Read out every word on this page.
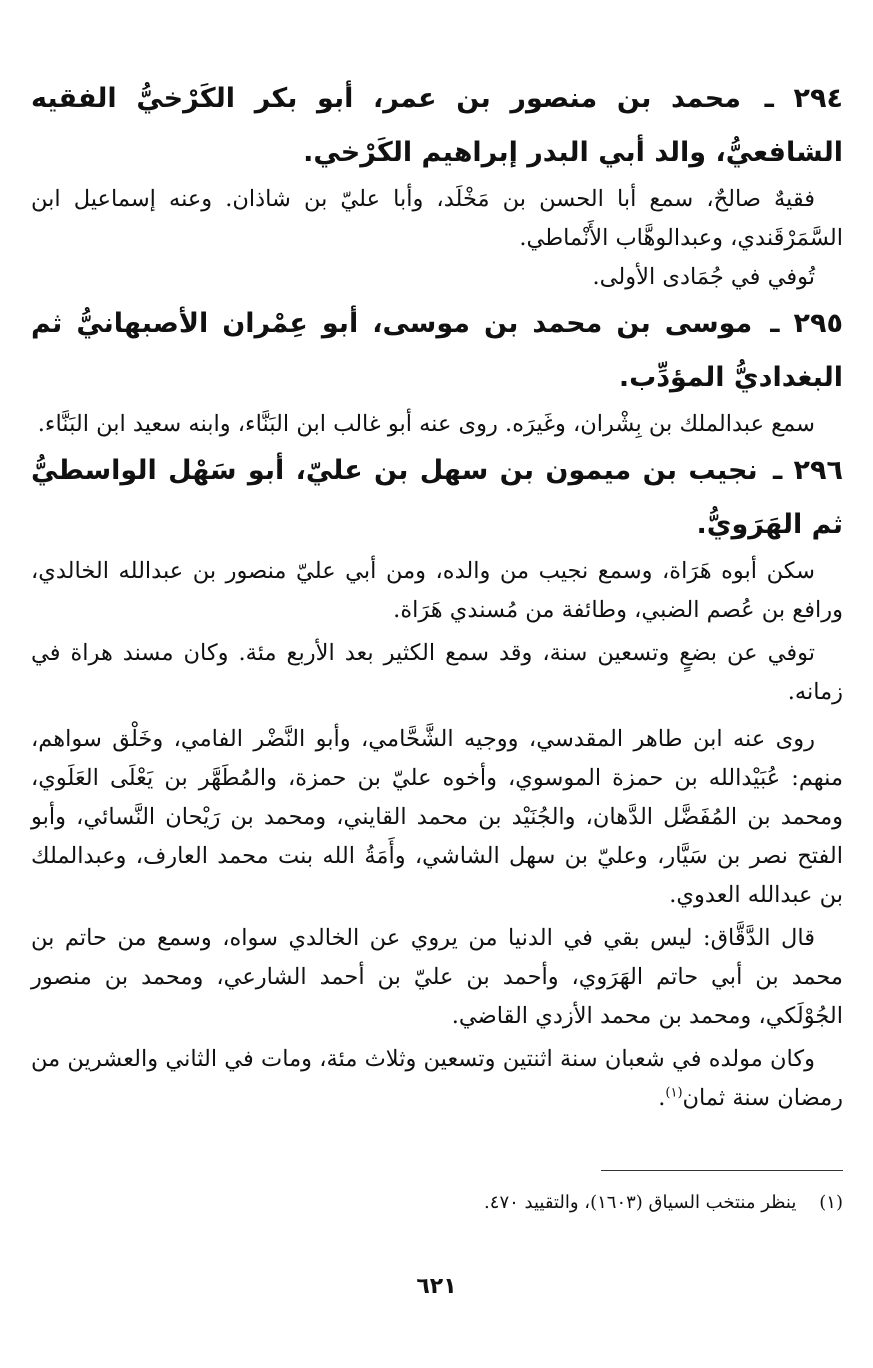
٢٩٤ ـ محمد بن منصور بن عمر، أبو بكر الكَرْخيُّ الفقيه الشافعيُّ، والد أبي البدر إبراهيم الكَرْخي.

فقيهٌ صالحٌ، سمع أبا الحسن بن مَخْلَد، وأبا عليّ بن شاذان. وعنه إسماعيل ابن السَّمَرْقَندي، وعبدالوهَّاب الأَنْماطي.

تُوفي في جُمَادى الأولى.

٢٩٥ ـ موسى بن محمد بن موسى، أبو عِمْران الأصبهانيُّ ثم البغداديُّ المؤدِّب.

سمع عبدالملك بن بِشْران، وغَيرَه. روى عنه أبو غالب ابن البَنَّاء، وابنه سعيد ابن البَنَّاء.

٢٩٦ ـ نجيب بن ميمون بن سهل بن عليّ، أبو سَهْل الواسطيُّ ثم الهَرَويُّ.

سكن أبوه هَرَاة، وسمع نجيب من والده، ومن أبي عليّ منصور بن عبدالله الخالدي، ورافع بن عُصم الضبي، وطائفة من مُسندي هَرَاة.

توفي عن بضعٍ وتسعين سنة، وقد سمع الكثير بعد الأربع مئة. وكان مسند هراة في زمانه.

روى عنه ابن طاهر المقدسي، ووجيه الشَّحَّامي، وأبو النَّضْر الفامي، وخَلْق سواهم، منهم: عُبَيْدالله بن حمزة الموسوي، وأخوه عليّ بن حمزة، والمُطَهَّر بن يَعْلَى العَلَوي، ومحمد بن المُفَضَّل الدَّهان، والجُنَيْد بن محمد القايني، ومحمد بن رَيْحان النَّسائي، وأبو الفتح نصر بن سَيَّار، وعليّ بن سهل الشاشي، وأَمَةُ الله بنت محمد العارف، وعبدالملك بن عبدالله العدوي.

قال الدَّقَّاق: ليس بقي في الدنيا من يروي عن الخالدي سواه، وسمع من حاتم بن محمد بن أبي حاتم الهَرَوي، وأحمد بن عليّ بن أحمد الشارعي، ومحمد بن منصور الجُوْلَكي، ومحمد بن محمد الأزدي القاضي.

وكان مولده في شعبان سنة اثنتين وتسعين وثلاث مئة، ومات في الثاني والعشرين من رمضان سنة ثمان$^{(١)}$.

(١)    ينظر منتخب السياق (١٦٠٣)، والتقييد ٤٧٠.
٦٢١
